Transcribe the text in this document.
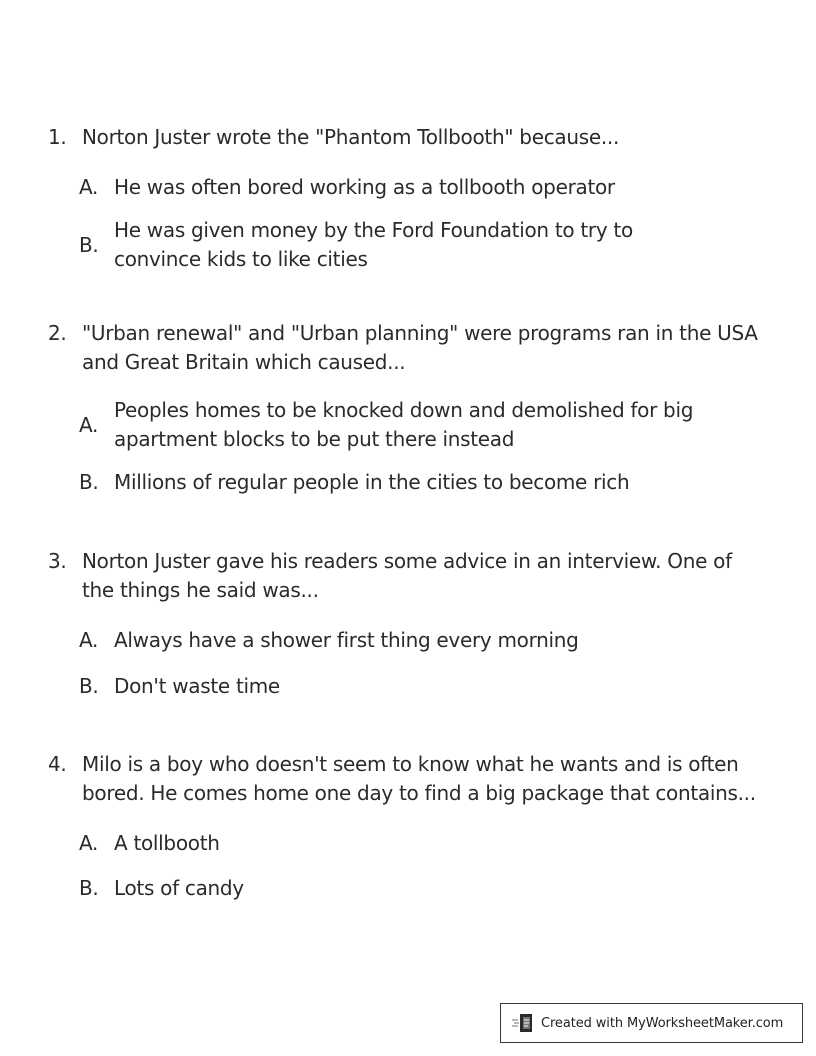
1. Norton Juster wrote the "Phantom Tollbooth" because...
A. He was often bored working as a tollbooth operator
B.
He was given money by the Ford Foundation to try to convince kids to like cities
2. "Urban renewal" and "Urban planning" were programs ran in the USA and Great Britain which caused...
A.
Peoples homes to be knocked down and demolished for big apartment blocks to be put there instead
B. Millions of regular people in the cities to become rich
3. Norton Juster gave his readers some advice in an interview. One of the things he said was...
A. Always have a shower first thing every morning
B. Don't waste time
4. Milo is a boy who doesn't seem to know what he wants and is often bored. He comes home one day to find a big package that contains...
A. A tollbooth
B. Lots of candy
Created with MyWorksheetMaker.com
